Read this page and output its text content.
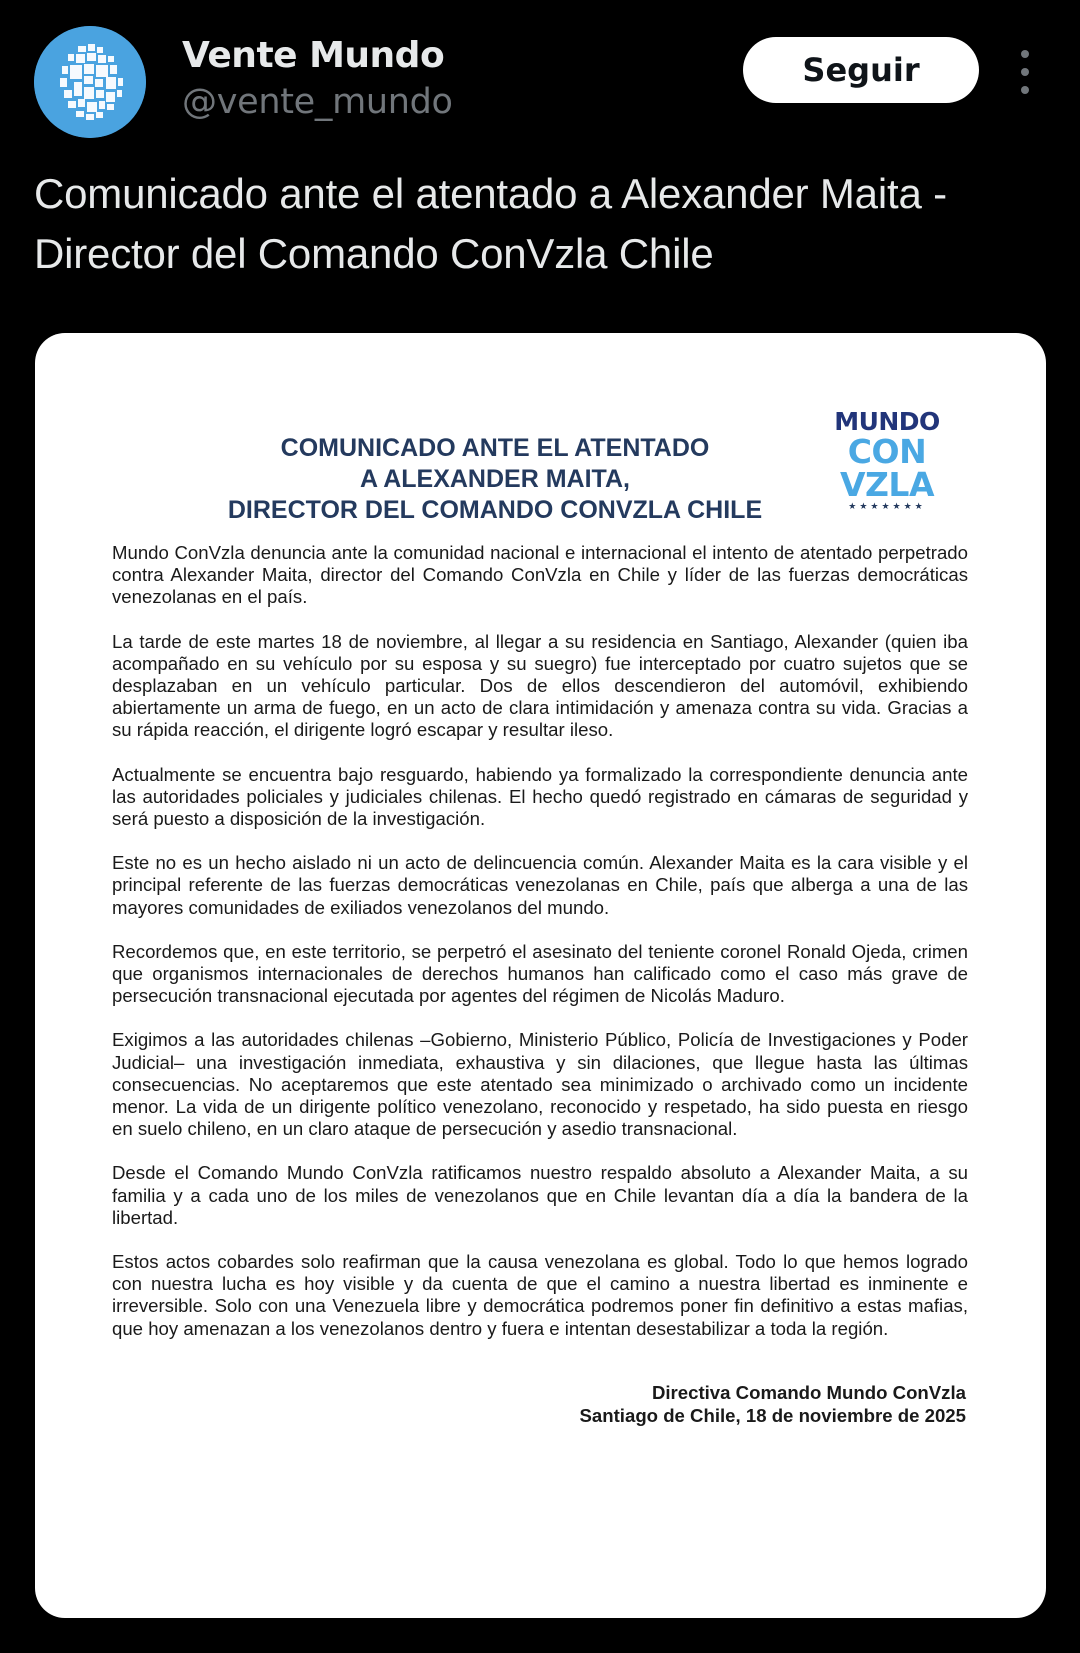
Vente Mundo
@vente_mundo
Seguir
Comunicado ante el atentado a Alexander Maita - Director del Comando ConVzla Chile
COMUNICADO ANTE EL ATENTADO
A ALEXANDER MAITA,
DIRECTOR DEL COMANDO CONVZLA CHILE
MUNDO
CON
VZLA
★★★★★★★

Mundo ConVzla denuncia ante la comunidad nacional e internacional el intento de atentado perpetrado contra Alexander Maita, director del Comando ConVzla en Chile y líder de las fuerzas democráticas venezolanas en el país.

La tarde de este martes 18 de noviembre, al llegar a su residencia en Santiago, Alexander (quien iba acompañado en su vehículo por su esposa y su suegro) fue interceptado por cuatro sujetos que se desplazaban en un vehículo particular. Dos de ellos descendieron del automóvil, exhibiendo abiertamente un arma de fuego, en un acto de clara intimidación y amenaza contra su vida. Gracias a su rápida reacción, el dirigente logró escapar y resultar ileso.

Actualmente se encuentra bajo resguardo, habiendo ya formalizado la correspondiente denuncia ante las autoridades policiales y judiciales chilenas. El hecho quedó registrado en cámaras de seguridad y será puesto a disposición de la investigación.

Este no es un hecho aislado ni un acto de delincuencia común. Alexander Maita es la cara visible y el principal referente de las fuerzas democráticas venezolanas en Chile, país que alberga a una de las mayores comunidades de exiliados venezolanos del mundo.

Recordemos que, en este territorio, se perpetró el asesinato del teniente coronel Ronald Ojeda, crimen que organismos internacionales de derechos humanos han calificado como el caso más grave de persecución transnacional ejecutada por agentes del régimen de Nicolás Maduro.

Exigimos a las autoridades chilenas –Gobierno, Ministerio Público, Policía de Investigaciones y Poder Judicial– una investigación inmediata, exhaustiva y sin dilaciones, que llegue hasta las últimas consecuencias. No aceptaremos que este atentado sea minimizado o archivado como un incidente menor. La vida de un dirigente político venezolano, reconocido y respetado, ha sido puesta en riesgo en suelo chileno, en un claro ataque de persecución y asedio transnacional.

Desde el Comando Mundo ConVzla ratificamos nuestro respaldo absoluto a Alexander Maita, a su familia y a cada uno de los miles de venezolanos que en Chile levantan día a día la bandera de la libertad.

Estos actos cobardes solo reafirman que la causa venezolana es global. Todo lo que hemos logrado con nuestra lucha es hoy visible y da cuenta de que el camino a nuestra libertad es inminente e irreversible. Solo con una Venezuela libre y democrática podremos poner fin definitivo a estas mafias, que hoy amenazan a los venezolanos dentro y fuera e intentan desestabilizar a toda la región.

Directiva Comando Mundo ConVzla
Santiago de Chile, 18 de noviembre de 2025
